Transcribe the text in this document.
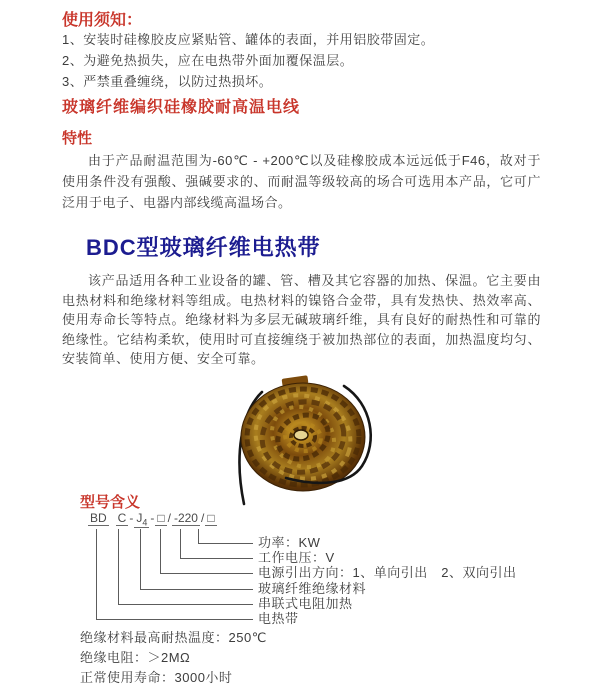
使用须知：
1、安装时硅橡胶皮应紧贴管、罐体的表面，并用铝胶带固定。
2、为避免热损失，应在电热带外面加覆保温层。
3、严禁重叠缠绕，以防过热损坏。
玻璃纤维编织硅橡胶耐高温电线
特性
由于产品耐温范围为-60℃ - +200℃以及硅橡胶成本远远低于F46，故对于使用条件没有强酸、强碱要求的、而耐温等级较高的场合可选用本产品，它可广泛用于电子、电器内部线缆高温场合。
BDC型玻璃纤维电热带
该产品适用各种工业设备的罐、管、槽及其它容器的加热、保温。它主要由电热材料和绝缘材料等组成。电热材料的镍铬合金带，具有发热快、热效率高、使用寿命长等特点。绝缘材料为多层无碱玻璃纤维，具有良好的耐热性和可靠的绝缘性。它结构柔软，使用时可直接缠绕于被加热部位的表面，加热温度均匀、安装简单、使用方便、安全可靠。
型号含义
BD C - $J_4$ - □ / -220 / □
功率：KW
工作电压：V
电源引出方向：1、单向引出　2、双向引出
玻璃纤维绝缘材料
串联式电阻加热
电热带
绝缘材料最高耐热温度：250℃
绝缘电阻：＞2MΩ
正常使用寿命：3000小时
